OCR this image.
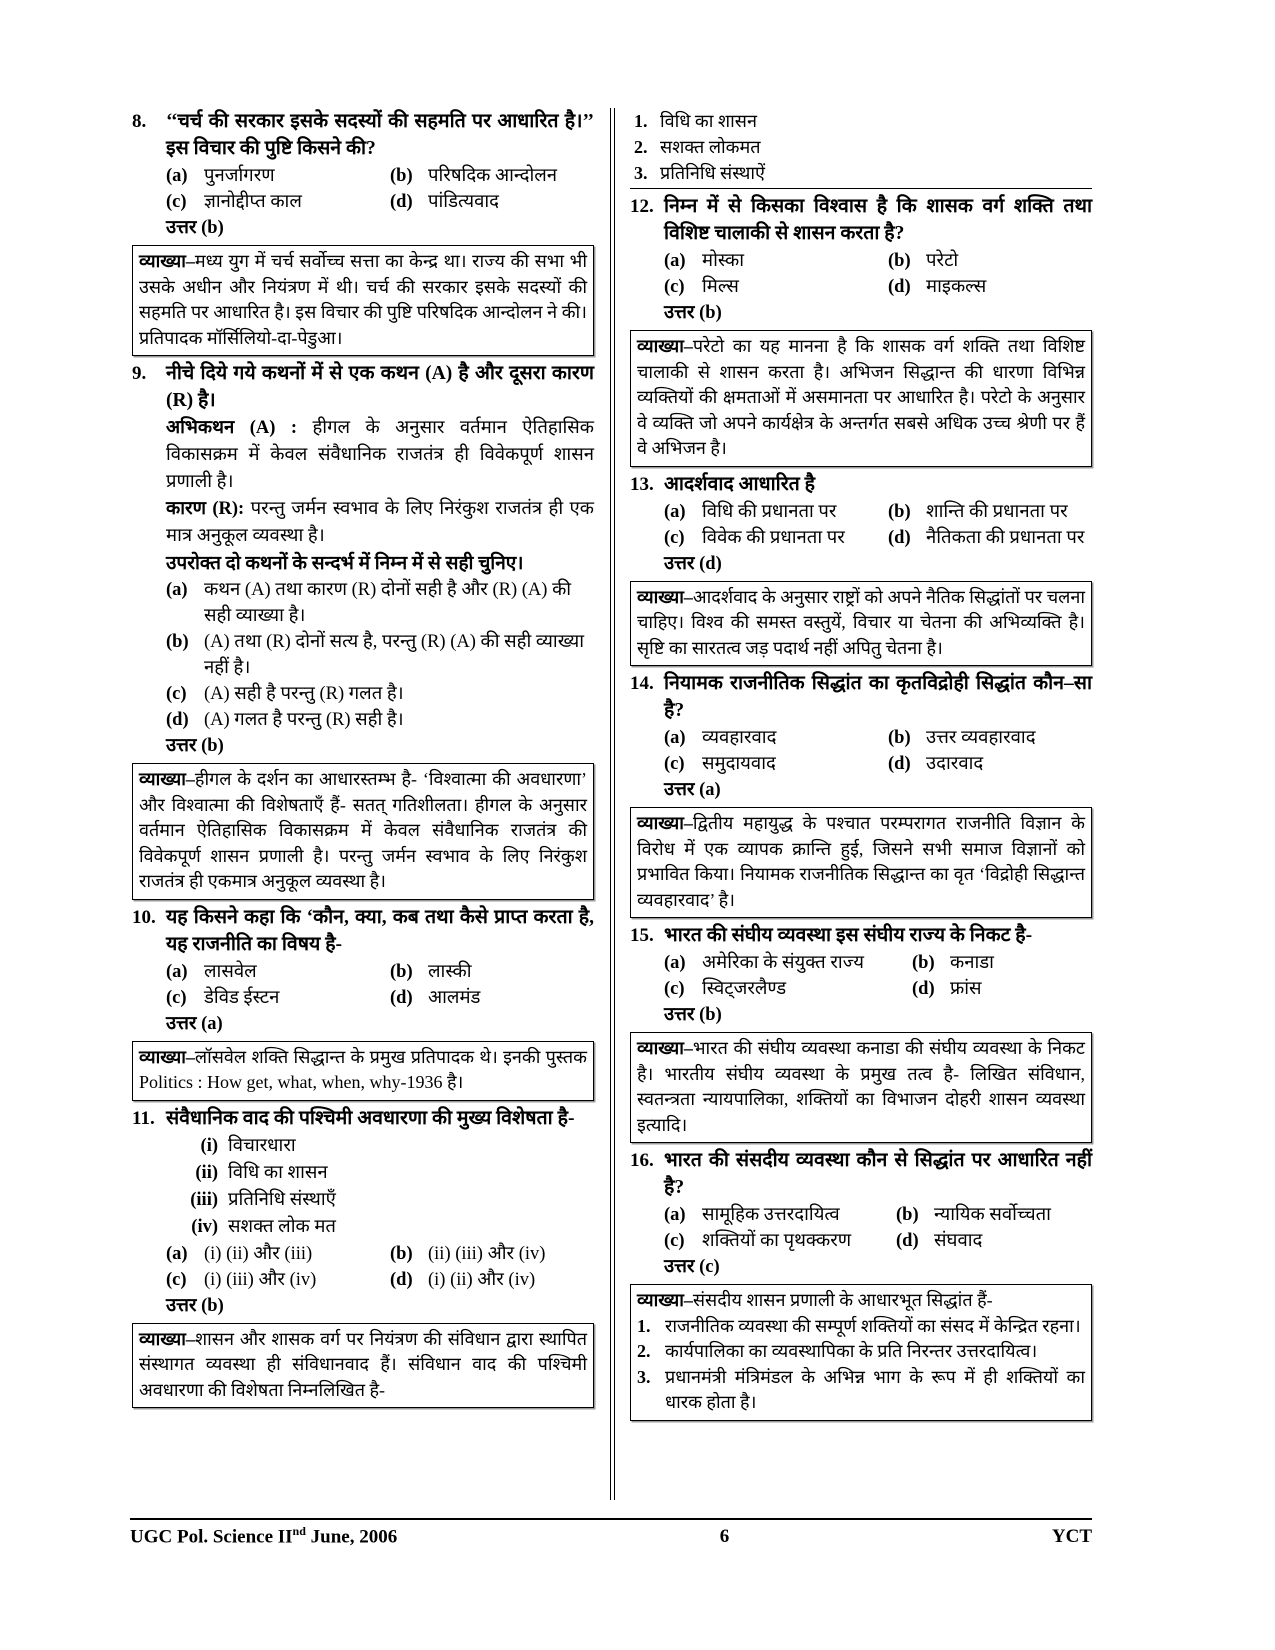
8.	‘‘चर्च की सरकार इसके सदस्यों की सहमति पर आधारित है।’’ इस विचार की पुष्टि किसने की?
(a) पुनर्जागरण	(b) परिषदिक आन्दोलन
(c) ज्ञानोद्दीप्त काल	(d) पांडित्यवाद
उत्तर (b)
व्याख्या–मध्य युग में चर्च सर्वोच्च सत्ता का केन्द्र था। राज्य की सभा भी उसके अधीन और नियंत्रण में थी। चर्च की सरकार इसके सदस्यों की सहमति पर आधारित है। इस विचार की पुष्टि परिषदिक आन्दोलन ने की। प्रतिपादक मॉर्सिलियो-दा-पेडुआ।
9.	नीचे दिये गये कथनों में से एक कथन (A) है और दूसरा कारण (R) है।
अभिकथन (A) : हीगल के अनुसार वर्तमान ऐतिहासिक विकासक्रम में केवल संवैधानिक राजतंत्र ही विवेकपूर्ण शासन प्रणाली है।
कारण (R): परन्तु जर्मन स्वभाव के लिए निरंकुश राजतंत्र ही एक मात्र अनुकूल व्यवस्था है।
उपरोक्त दो कथनों के सन्दर्भ में निम्न में से सही चुनिए।
(a) कथन (A) तथा कारण (R) दोनों सही है और (R) (A) की सही व्याख्या है।
(b) (A) तथा (R) दोनों सत्य है, परन्तु (R) (A) की सही व्याख्या नहीं है।
(c) (A) सही है परन्तु (R) गलत है।
(d) (A) गलत है परन्तु (R) सही है।
उत्तर (b)
व्याख्या–हीगल के दर्शन का आधारस्तम्भ है- ‘विश्वात्मा की अवधारणा’ और विश्वात्मा की विशेषताएँ हैं- सतत् गतिशीलता। हीगल के अनुसार वर्तमान ऐतिहासिक विकासक्रम में केवल संवैधानिक राजतंत्र की विवेकपूर्ण शासन प्रणाली है। परन्तु जर्मन स्वभाव के लिए निरंकुश राजतंत्र ही एकमात्र अनुकूल व्यवस्था है।
10. यह किसने कहा कि ‘कौन, क्या, कब तथा कैसे प्राप्त करता है, यह राजनीति का विषय है-
(a) लासवेल	(b) लास्की
(c) डेविड ईस्टन	(d) आलमंड
उत्तर (a)
व्याख्या–लॉसवेल शक्ति सिद्धान्त के प्रमुख प्रतिपादक थे। इनकी पुस्तक Politics : How get, what, when, why-1936 है।
11. संवैधानिक वाद की पश्चिमी अवधारणा की मुख्य विशेषता है-
(i) विचारधारा
(ii) विधि का शासन
(iii) प्रतिनिधि संस्थाएँ
(iv) सशक्त लोक मत
(a) (i) (ii) और (iii)	(b) (ii) (iii) और (iv)
(c) (i) (iii) और (iv)	(d) (i) (ii) और (iv)
उत्तर (b)
व्याख्या–शासन और शासक वर्ग पर नियंत्रण की संविधान द्वारा स्थापित संस्थागत व्यवस्था ही संविधानवाद हैं। संविधान वाद की पश्चिमी अवधारणा की विशेषता निम्नलिखित है-
1. विधि का शासन
2. सशक्त लोकमत
3. प्रतिनिधि संस्थाऐं
12. निम्न में से किसका विश्वास है कि शासक वर्ग शक्ति तथा विशिष्ट चालाकी से शासन करता है?
(a) मोस्का	(b) परेटो
(c) मिल्स	(d) माइकल्स
उत्तर (b)
व्याख्या–परेटो का यह मानना है कि शासक वर्ग शक्ति तथा विशिष्ट चालाकी से शासन करता है। अभिजन सिद्धान्त की धारणा विभिन्न व्यक्तियों की क्षमताओं में असमानता पर आधारित है। परेटो के अनुसार वे व्यक्ति जो अपने कार्यक्षेत्र के अन्तर्गत सबसे अधिक उच्च श्रेणी पर हैं वे अभिजन है।
13. आदर्शवाद आधारित है
(a) विधि की प्रधानता पर	(b) शान्ति की प्रधानता पर
(c) विवेक की प्रधानता पर	(d) नैतिकता की प्रधानता पर
उत्तर (d)
व्याख्या–आदर्शवाद के अनुसार राष्ट्रों को अपने नैतिक सिद्धांतों पर चलना चाहिए। विश्व की समस्त वस्तुयें, विचार या चेतना की अभिव्यक्ति है। सृष्टि का सारतत्व जड़ पदार्थ नहीं अपितु चेतना है।
14. नियामक राजनीतिक सिद्धांत का कृतविद्रोही सिद्धांत कौन–सा है?
(a) व्यवहारवाद	(b) उत्तर व्यवहारवाद
(c) समुदायवाद	(d) उदारवाद
उत्तर (a)
व्याख्या–द्वितीय महायुद्ध के पश्चात परम्परागत राजनीति विज्ञान के विरोध में एक व्यापक क्रान्ति हुई, जिसने सभी समाज विज्ञानों को प्रभावित किया। नियामक राजनीतिक सिद्धान्त का वृत ‘विद्रोही सिद्धान्त व्यवहारवाद’ है।
15. भारत की संघीय व्यवस्था इस संघीय राज्य के निकट है-
(a) अमेरिका के संयुक्त राज्य	(b) कनाडा
(c) स्विट्जरलैण्ड	(d) फ्रांस
उत्तर (b)
व्याख्या–भारत की संघीय व्यवस्था कनाडा की संघीय व्यवस्था के निकट है। भारतीय संघीय व्यवस्था के प्रमुख तत्व है- लिखित संविधान, स्वतन्त्रता न्यायपालिका, शक्तियों का विभाजन दोहरी शासन व्यवस्था इत्यादि।
16. भारत की संसदीय व्यवस्था कौन से सिद्धांत पर आधारित नहीं है?
(a) सामूहिक उत्तरदायित्व	(b) न्यायिक सर्वोच्चता
(c) शक्तियों का पृथक्करण	(d) संघवाद
उत्तर (c)
व्याख्या–संसदीय शासन प्रणाली के आधारभूत सिद्धांत हैं-
1. राजनीतिक व्यवस्था की सम्पूर्ण शक्तियों का संसद में केन्द्रित रहना।
2. कार्यपालिका का व्यवस्थापिका के प्रति निरन्तर उत्तरदायित्व।
3. प्रधानमंत्री मंत्रिमंडल के अभिन्न भाग के रूप में ही शक्तियों का धारक होता है।
UGC Pol. Science IInd June, 2006	6	YCT
